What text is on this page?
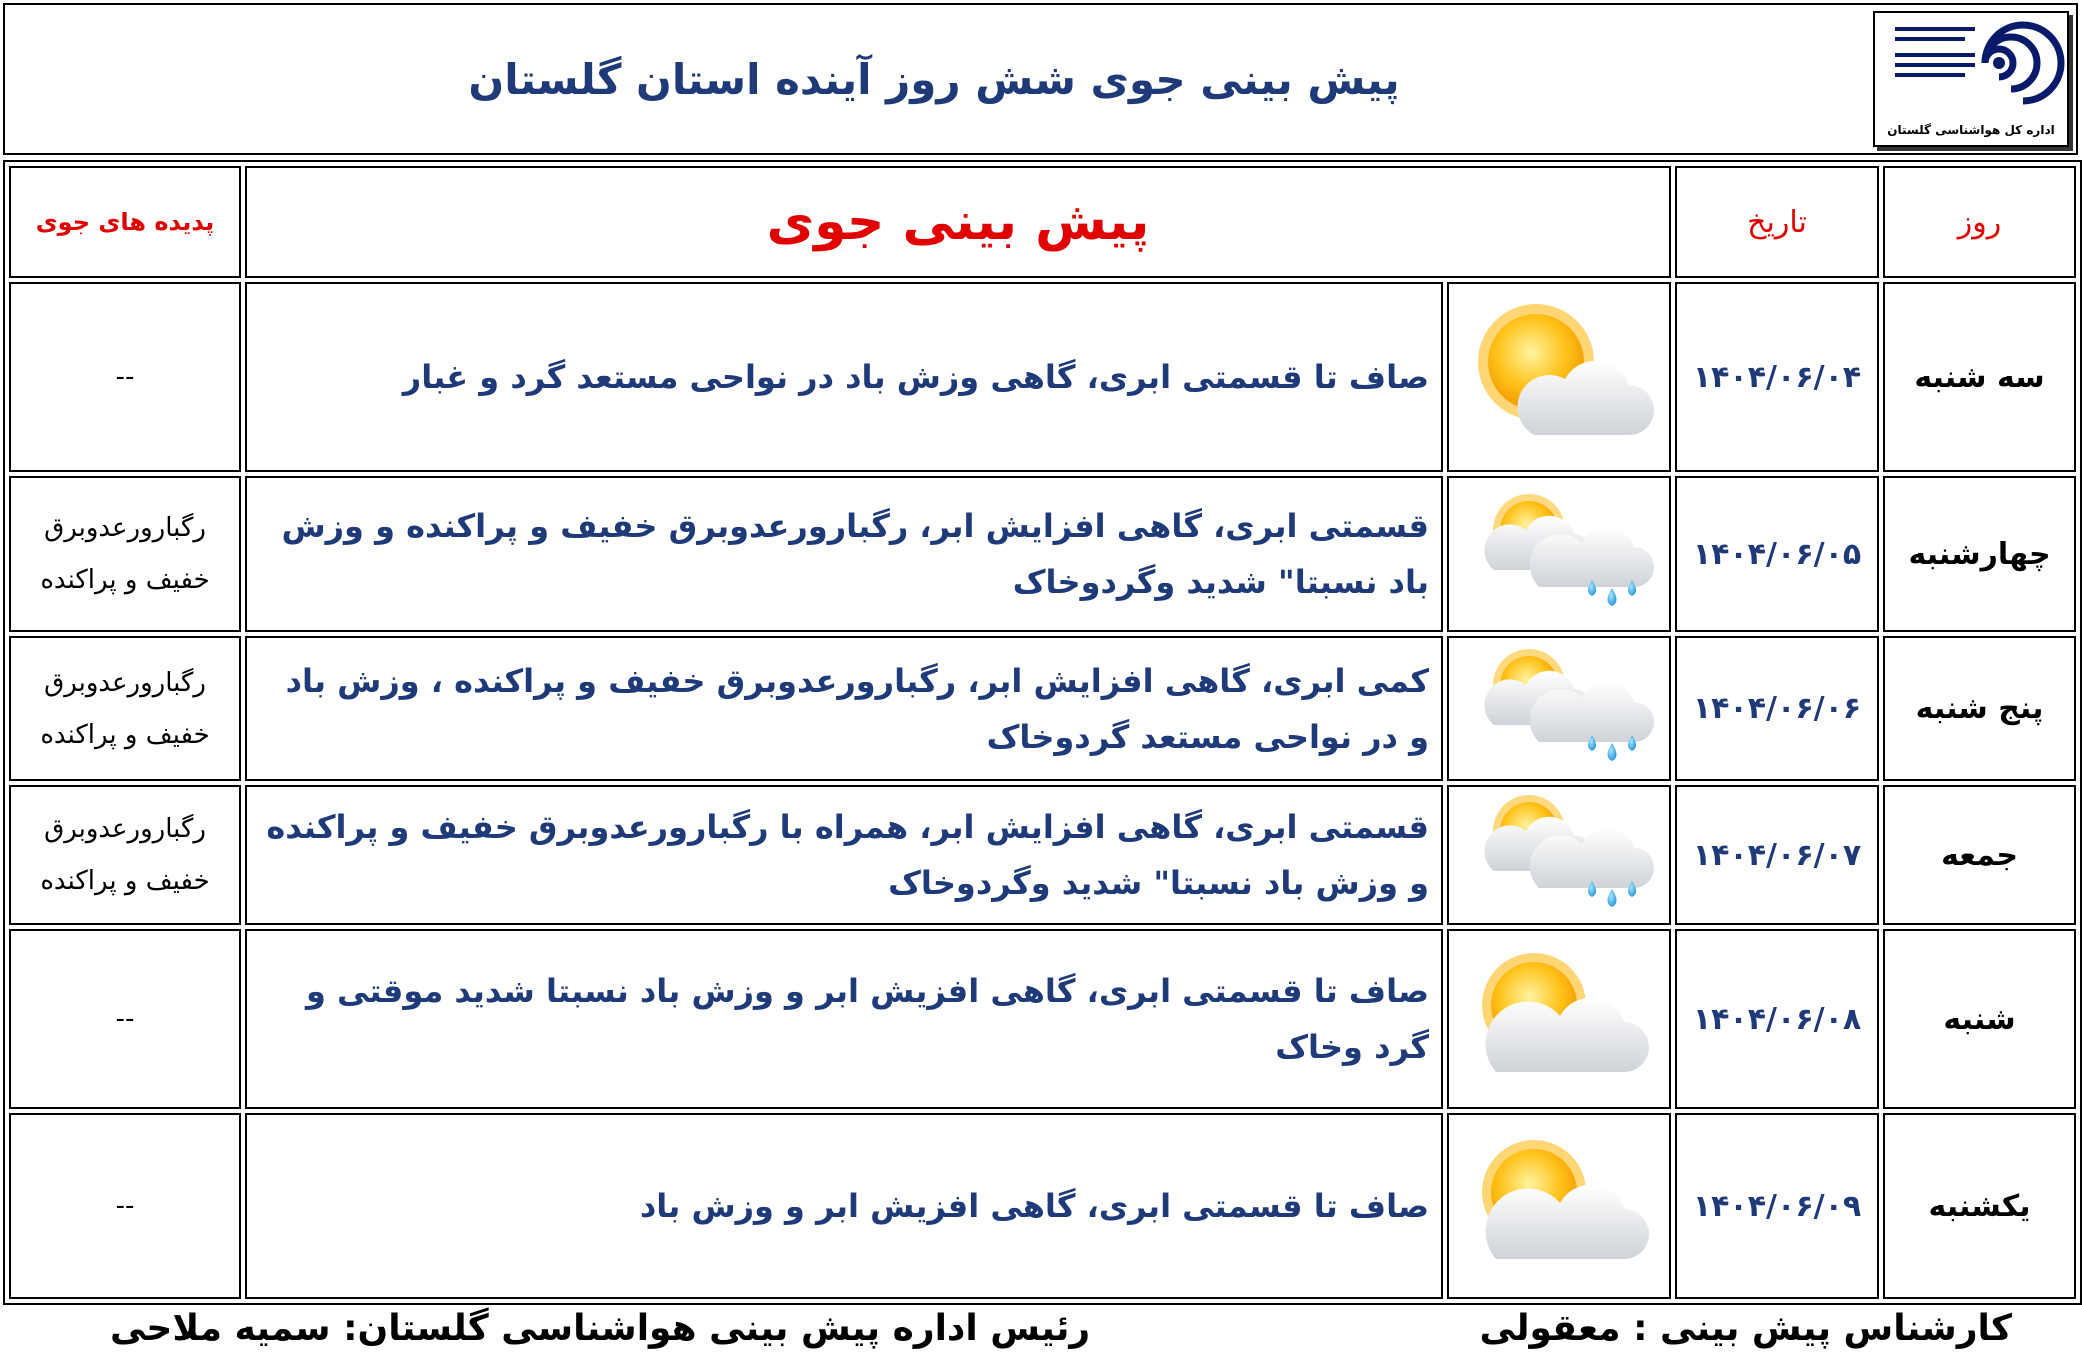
پیش بینی جوی شش روز آینده استان گلستان
اداره کل هواشناسی گلستان
پدیده های جوی	پیش بینی جوی		تاریخ	روز
--	صاف تا قسمتی ابری، گاهی وزش باد در نواحی مستعد گرد و غبار		۱۴۰۴/۰۶/۰۴	سه شنبه
رگبارورعدوبرق خفیف و پراکنده	قسمتی ابری، گاهی افزایش ابر، رگبارورعدوبرق خفیف و پراکنده و وزش باد نسبتا" شدید وگردوخاک		۱۴۰۴/۰۶/۰۵	چهارشنبه
رگبارورعدوبرق خفیف و پراکنده	کمی ابری، گاهی افزایش ابر، رگبارورعدوبرق خفیف و پراکنده ، وزش باد و در نواحی مستعد گردوخاک		۱۴۰۴/۰۶/۰۶	پنج شنبه
رگبارورعدوبرق خفیف و پراکنده	قسمتی ابری، گاهی افزایش ابر، همراه با رگبارورعدوبرق خفیف و پراکنده و وزش باد نسبتا" شدید وگردوخاک		۱۴۰۴/۰۶/۰۷	جمعه
--	صاف تا قسمتی ابری، گاهی افزیش ابر و وزش باد نسبتا شدید موقتی و گرد وخاک		۱۴۰۴/۰۶/۰۸	شنبه
--	صاف تا قسمتی ابری، گاهی افزیش ابر و وزش باد		۱۴۰۴/۰۶/۰۹	یکشنبه
کارشناس پیش بینی : معقولی
رئیس اداره پیش بینی هواشناسی گلستان: سمیه ملاحی
